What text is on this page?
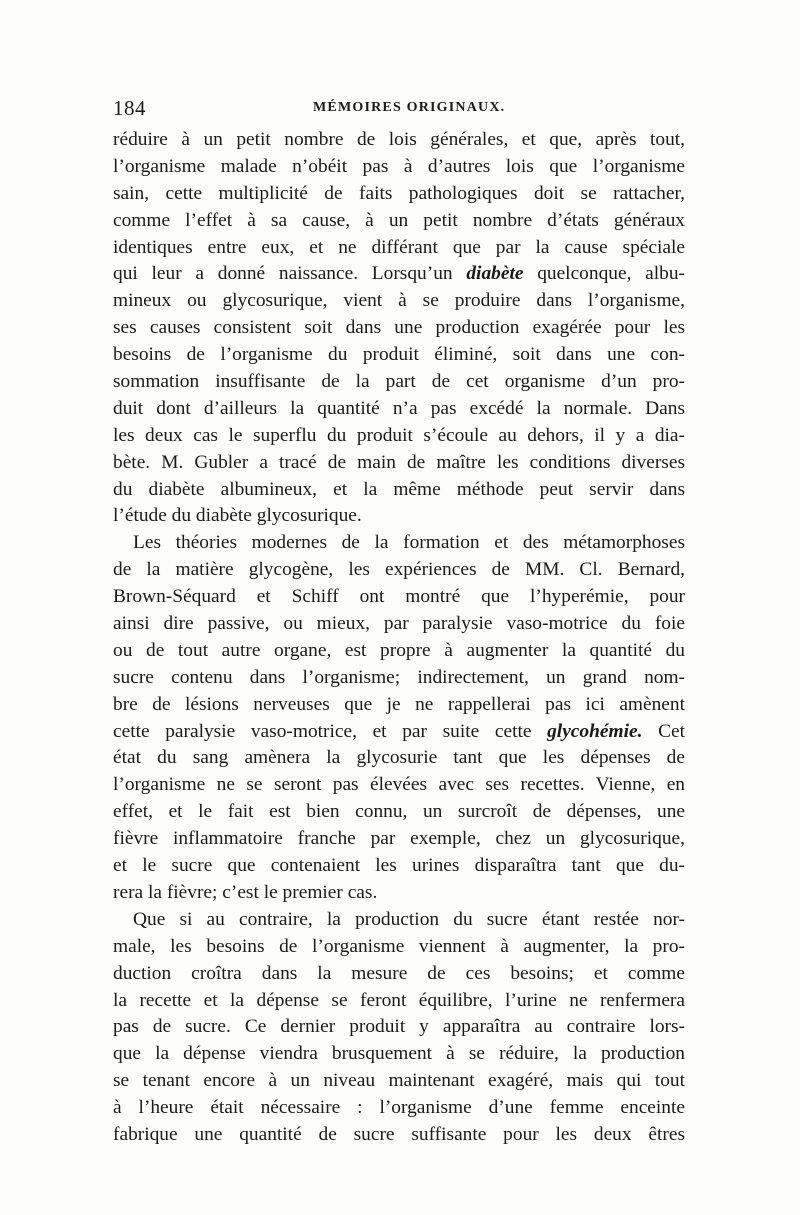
184	MÉMOIRES ORIGINAUX.
réduire à un petit nombre de lois générales, et que, après tout,
l’organisme malade n’obéit pas à d’autres lois que l’organisme
sain, cette multiplicité de faits pathologiques doit se rattacher,
comme l’effet à sa cause, à un petit nombre d’états généraux
identiques entre eux, et ne différant que par la cause spéciale
qui leur a donné naissance. Lorsqu’un diabète quelconque, albu-
mineux ou glycosurique, vient à se produire dans l’organisme,
ses causes consistent soit dans une production exagérée pour les
besoins de l’organisme du produit éliminé, soit dans une con-
sommation insuffisante de la part de cet organisme d’un pro-
duit dont d’ailleurs la quantité n’a pas excédé la normale. Dans
les deux cas le superflu du produit s’écoule au dehors, il y a dia-
bète. M. Gubler a tracé de main de maître les conditions diverses
du diabète albumineux, et la même méthode peut servir dans
l’étude du diabète glycosurique.
Les théories modernes de la formation et des métamorphoses
de la matière glycogène, les expériences de MM. Cl. Bernard,
Brown-Séquard et Schiff ont montré que l’hyperémie, pour
ainsi dire passive, ou mieux, par paralysie vaso-motrice du foie
ou de tout autre organe, est propre à augmenter la quantité du
sucre contenu dans l’organisme; indirectement, un grand nom-
bre de lésions nerveuses que je ne rappellerai pas ici amènent
cette paralysie vaso-motrice, et par suite cette glycohémie. Cet
état du sang amènera la glycosurie tant que les dépenses de
l’organisme ne se seront pas élevées avec ses recettes. Vienne, en
effet, et le fait est bien connu, un surcroît de dépenses, une
fièvre inflammatoire franche par exemple, chez un glycosurique,
et le sucre que contenaient les urines disparaîtra tant que du-
rera la fièvre; c’est le premier cas.
Que si au contraire, la production du sucre étant restée nor-
male, les besoins de l’organisme viennent à augmenter, la pro-
duction croîtra dans la mesure de ces besoins; et comme
la recette et la dépense se feront équilibre, l’urine ne renfermera
pas de sucre. Ce dernier produit y apparaîtra au contraire lors-
que la dépense viendra brusquement à se réduire, la production
se tenant encore à un niveau maintenant exagéré, mais qui tout
à l’heure était nécessaire : l’organisme d’une femme enceinte
fabrique une quantité de sucre suffisante pour les deux êtres
